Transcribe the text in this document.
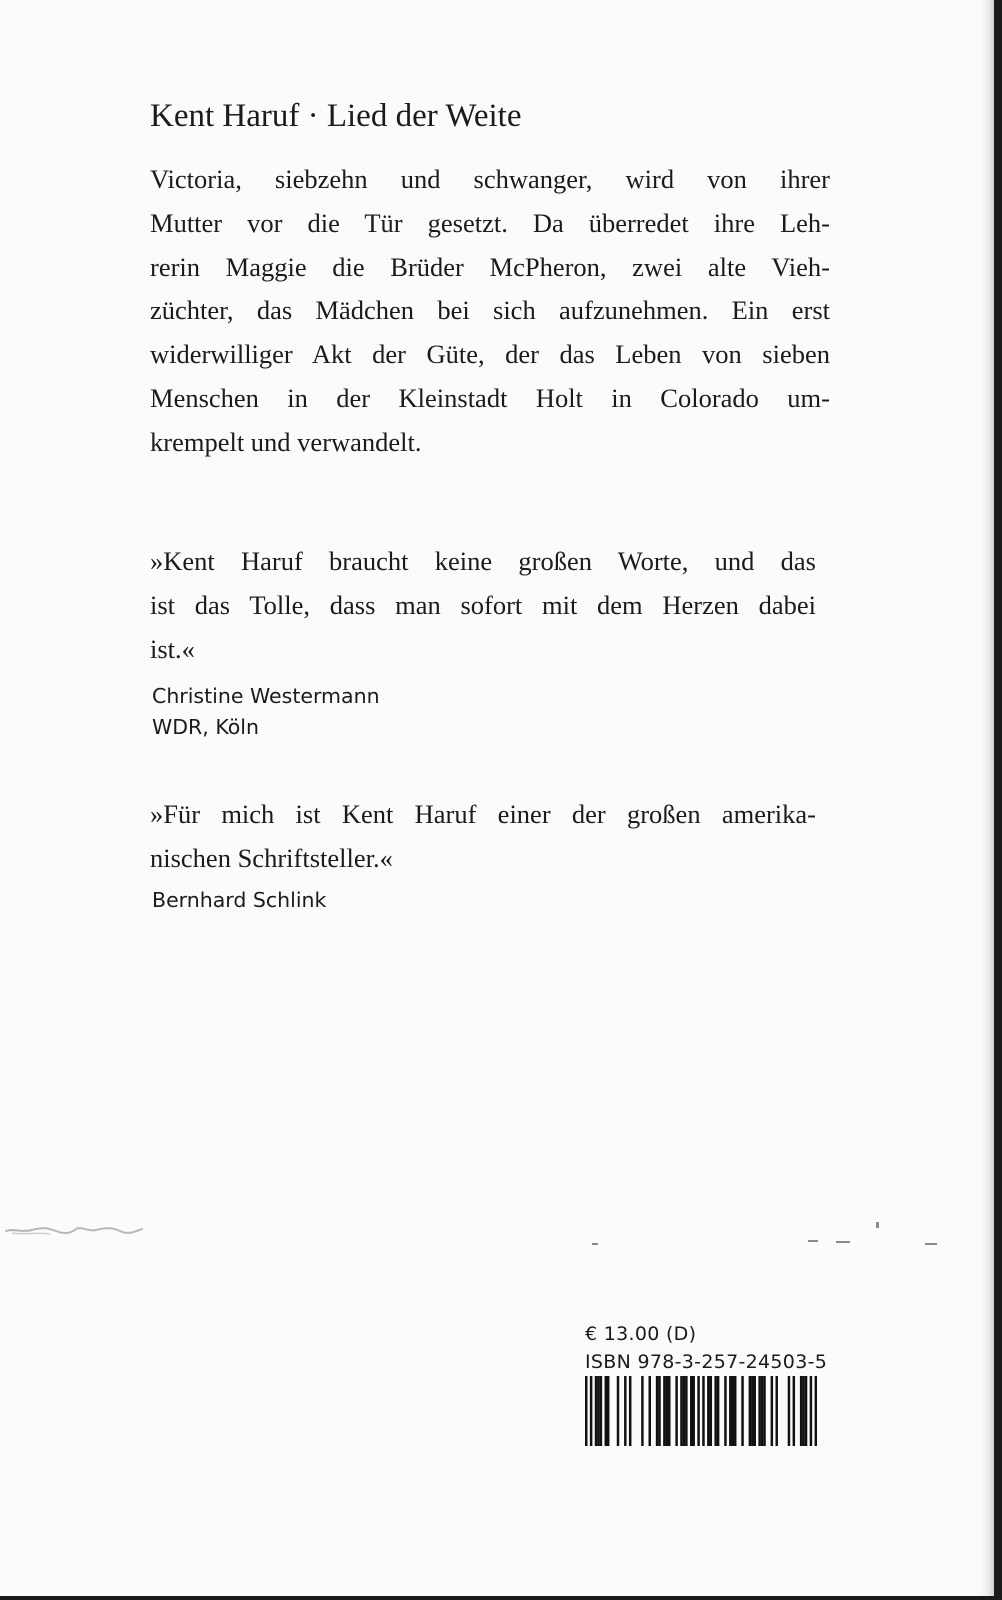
Kent Haruf · Lied der Weite
Victoria, siebzehn und schwanger, wird von ihrer
Mutter vor die Tür gesetzt. Da überredet ihre Leh-
rerin Maggie die Brüder McPheron, zwei alte Vieh-
züchter, das Mädchen bei sich aufzunehmen. Ein erst
widerwilliger Akt der Güte, der das Leben von sieben
Menschen in der Kleinstadt Holt in Colorado um-
krempelt und verwandelt.
»Kent Haruf braucht keine großen Worte, und das
ist das Tolle, dass man sofort mit dem Herzen dabei
ist.«
Christine Westermann
WDR, Köln
»Für mich ist Kent Haruf einer der großen amerika-
nischen Schriftsteller.«
Bernhard Schlink
€ 13.00 (D)
ISBN 978-3-257-24503-5
